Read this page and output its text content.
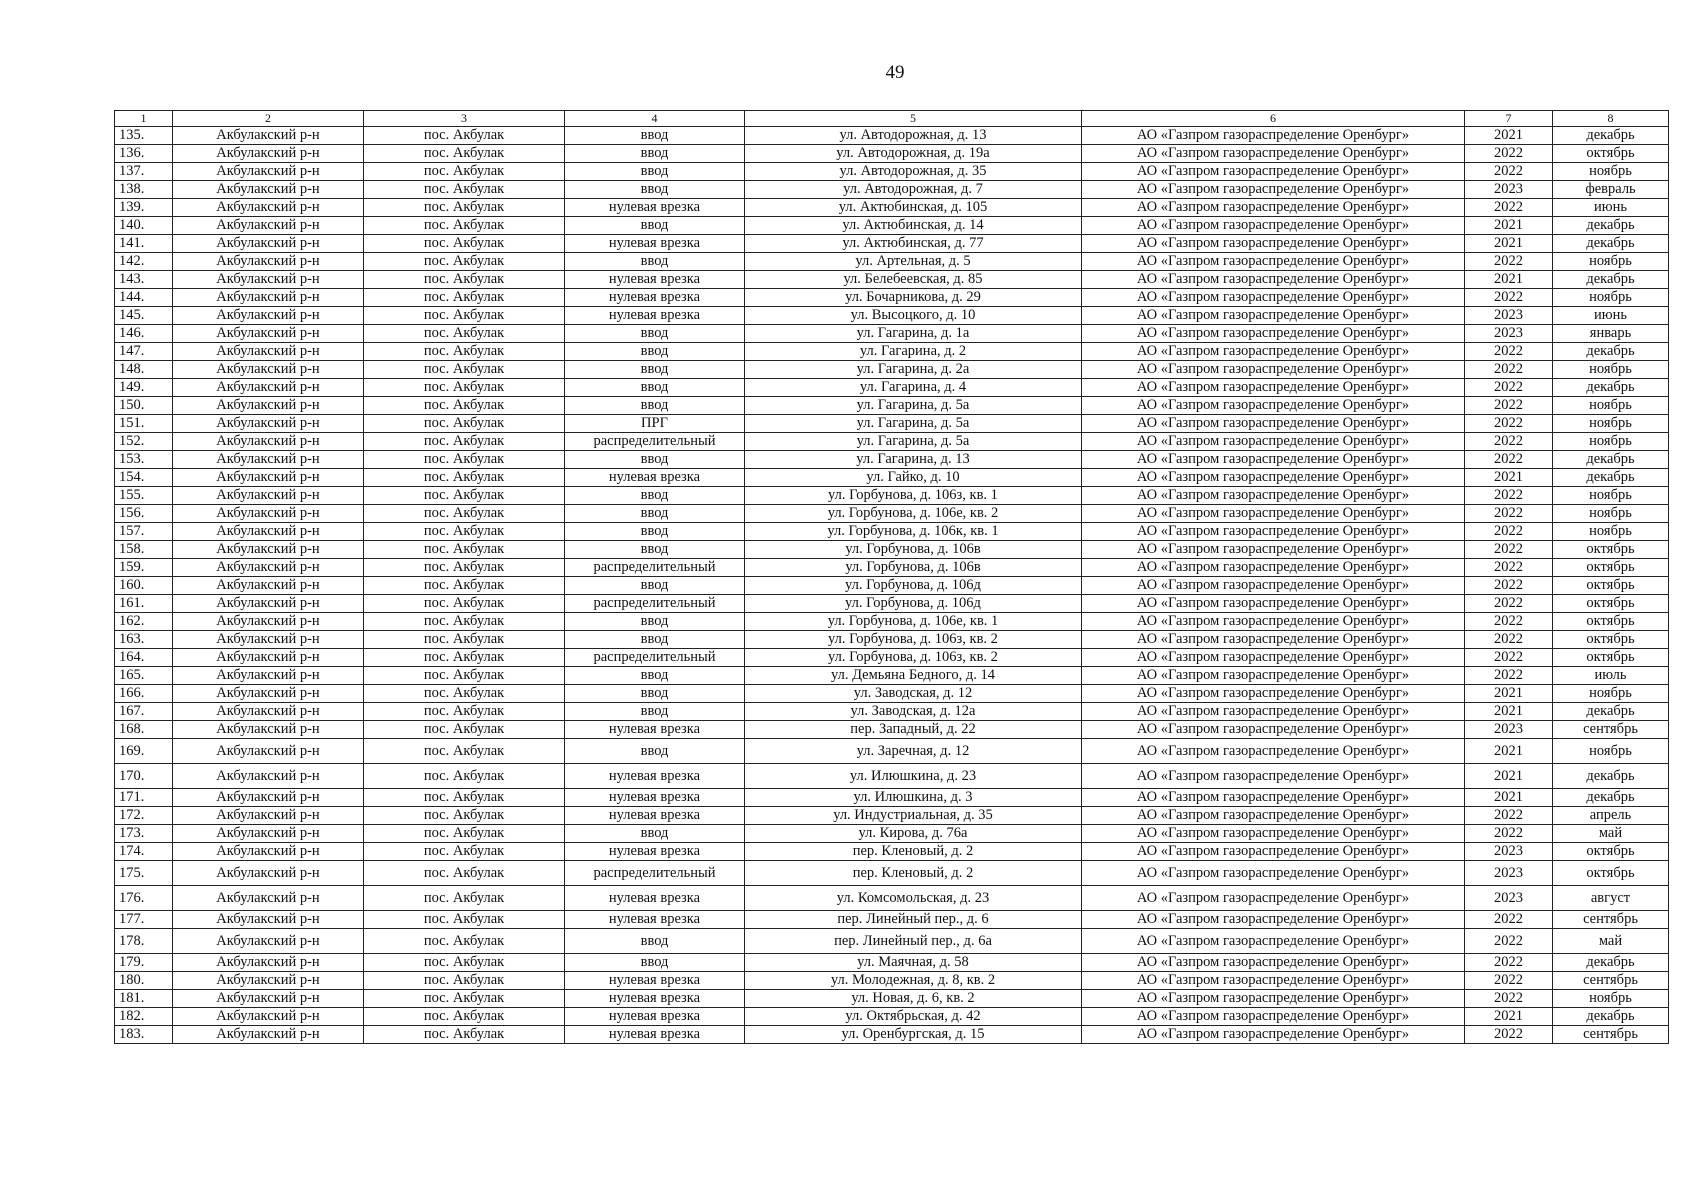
49
1	2	3	4	5	6	7	8
135.	Акбулакский р-н	пос. Акбулак	ввод	ул. Автодорожная, д. 13	АО «Газпром газораспределение Оренбург»	2021	декабрь
136.	Акбулакский р-н	пос. Акбулак	ввод	ул. Автодорожная, д. 19а	АО «Газпром газораспределение Оренбург»	2022	октябрь
137.	Акбулакский р-н	пос. Акбулак	ввод	ул. Автодорожная, д. 35	АО «Газпром газораспределение Оренбург»	2022	ноябрь
138.	Акбулакский р-н	пос. Акбулак	ввод	ул. Автодорожная, д. 7	АО «Газпром газораспределение Оренбург»	2023	февраль
139.	Акбулакский р-н	пос. Акбулак	нулевая врезка	ул. Актюбинская, д. 105	АО «Газпром газораспределение Оренбург»	2022	июнь
140.	Акбулакский р-н	пос. Акбулак	ввод	ул. Актюбинская, д. 14	АО «Газпром газораспределение Оренбург»	2021	декабрь
141.	Акбулакский р-н	пос. Акбулак	нулевая врезка	ул. Актюбинская, д. 77	АО «Газпром газораспределение Оренбург»	2021	декабрь
142.	Акбулакский р-н	пос. Акбулак	ввод	ул. Артельная, д. 5	АО «Газпром газораспределение Оренбург»	2022	ноябрь
143.	Акбулакский р-н	пос. Акбулак	нулевая врезка	ул. Белебеевская, д. 85	АО «Газпром газораспределение Оренбург»	2021	декабрь
144.	Акбулакский р-н	пос. Акбулак	нулевая врезка	ул. Бочарникова, д. 29	АО «Газпром газораспределение Оренбург»	2022	ноябрь
145.	Акбулакский р-н	пос. Акбулак	нулевая врезка	ул. Высоцкого, д. 10	АО «Газпром газораспределение Оренбург»	2023	июнь
146.	Акбулакский р-н	пос. Акбулак	ввод	ул. Гагарина, д. 1а	АО «Газпром газораспределение Оренбург»	2023	январь
147.	Акбулакский р-н	пос. Акбулак	ввод	ул. Гагарина, д. 2	АО «Газпром газораспределение Оренбург»	2022	декабрь
148.	Акбулакский р-н	пос. Акбулак	ввод	ул. Гагарина, д. 2а	АО «Газпром газораспределение Оренбург»	2022	ноябрь
149.	Акбулакский р-н	пос. Акбулак	ввод	ул. Гагарина, д. 4	АО «Газпром газораспределение Оренбург»	2022	декабрь
150.	Акбулакский р-н	пос. Акбулак	ввод	ул. Гагарина, д. 5а	АО «Газпром газораспределение Оренбург»	2022	ноябрь
151.	Акбулакский р-н	пос. Акбулак	ПРГ	ул. Гагарина, д. 5а	АО «Газпром газораспределение Оренбург»	2022	ноябрь
152.	Акбулакский р-н	пос. Акбулак	распределительный	ул. Гагарина, д. 5а	АО «Газпром газораспределение Оренбург»	2022	ноябрь
153.	Акбулакский р-н	пос. Акбулак	ввод	ул. Гагарина, д. 13	АО «Газпром газораспределение Оренбург»	2022	декабрь
154.	Акбулакский р-н	пос. Акбулак	нулевая врезка	ул. Гайко, д. 10	АО «Газпром газораспределение Оренбург»	2021	декабрь
155.	Акбулакский р-н	пос. Акбулак	ввод	ул. Горбунова, д. 106з, кв. 1	АО «Газпром газораспределение Оренбург»	2022	ноябрь
156.	Акбулакский р-н	пос. Акбулак	ввод	ул. Горбунова, д. 106е, кв. 2	АО «Газпром газораспределение Оренбург»	2022	ноябрь
157.	Акбулакский р-н	пос. Акбулак	ввод	ул. Горбунова, д. 106к, кв. 1	АО «Газпром газораспределение Оренбург»	2022	ноябрь
158.	Акбулакский р-н	пос. Акбулак	ввод	ул. Горбунова, д. 106в	АО «Газпром газораспределение Оренбург»	2022	октябрь
159.	Акбулакский р-н	пос. Акбулак	распределительный	ул. Горбунова, д. 106в	АО «Газпром газораспределение Оренбург»	2022	октябрь
160.	Акбулакский р-н	пос. Акбулак	ввод	ул. Горбунова, д. 106д	АО «Газпром газораспределение Оренбург»	2022	октябрь
161.	Акбулакский р-н	пос. Акбулак	распределительный	ул. Горбунова, д. 106д	АО «Газпром газораспределение Оренбург»	2022	октябрь
162.	Акбулакский р-н	пос. Акбулак	ввод	ул. Горбунова, д. 106е, кв. 1	АО «Газпром газораспределение Оренбург»	2022	октябрь
163.	Акбулакский р-н	пос. Акбулак	ввод	ул. Горбунова, д. 106з, кв. 2	АО «Газпром газораспределение Оренбург»	2022	октябрь
164.	Акбулакский р-н	пос. Акбулак	распределительный	ул. Горбунова, д. 106з, кв. 2	АО «Газпром газораспределение Оренбург»	2022	октябрь
165.	Акбулакский р-н	пос. Акбулак	ввод	ул. Демьяна Бедного, д. 14	АО «Газпром газораспределение Оренбург»	2022	июль
166.	Акбулакский р-н	пос. Акбулак	ввод	ул. Заводская, д. 12	АО «Газпром газораспределение Оренбург»	2021	ноябрь
167.	Акбулакский р-н	пос. Акбулак	ввод	ул. Заводская, д. 12а	АО «Газпром газораспределение Оренбург»	2021	декабрь
168.	Акбулакский р-н	пос. Акбулак	нулевая врезка	пер. Западный, д. 22	АО «Газпром газораспределение Оренбург»	2023	сентябрь
169.	Акбулакский р-н	пос. Акбулак	ввод	ул. Заречная, д. 12	АО «Газпром газораспределение Оренбург»	2021	ноябрь
170.	Акбулакский р-н	пос. Акбулак	нулевая врезка	ул. Илюшкина, д. 23	АО «Газпром газораспределение Оренбург»	2021	декабрь
171.	Акбулакский р-н	пос. Акбулак	нулевая врезка	ул. Илюшкина, д. 3	АО «Газпром газораспределение Оренбург»	2021	декабрь
172.	Акбулакский р-н	пос. Акбулак	нулевая врезка	ул. Индустриальная, д. 35	АО «Газпром газораспределение Оренбург»	2022	апрель
173.	Акбулакский р-н	пос. Акбулак	ввод	ул. Кирова, д. 76а	АО «Газпром газораспределение Оренбург»	2022	май
174.	Акбулакский р-н	пос. Акбулак	нулевая врезка	пер. Кленовый, д. 2	АО «Газпром газораспределение Оренбург»	2023	октябрь
175.	Акбулакский р-н	пос. Акбулак	распределительный	пер. Кленовый, д. 2	АО «Газпром газораспределение Оренбург»	2023	октябрь
176.	Акбулакский р-н	пос. Акбулак	нулевая врезка	ул. Комсомольская, д. 23	АО «Газпром газораспределение Оренбург»	2023	август
177.	Акбулакский р-н	пос. Акбулак	нулевая врезка	пер. Линейный пер., д. 6	АО «Газпром газораспределение Оренбург»	2022	сентябрь
178.	Акбулакский р-н	пос. Акбулак	ввод	пер. Линейный пер., д. 6а	АО «Газпром газораспределение Оренбург»	2022	май
179.	Акбулакский р-н	пос. Акбулак	ввод	ул. Маячная, д. 58	АО «Газпром газораспределение Оренбург»	2022	декабрь
180.	Акбулакский р-н	пос. Акбулак	нулевая врезка	ул. Молодежная, д. 8, кв. 2	АО «Газпром газораспределение Оренбург»	2022	сентябрь
181.	Акбулакский р-н	пос. Акбулак	нулевая врезка	ул. Новая, д. 6, кв. 2	АО «Газпром газораспределение Оренбург»	2022	ноябрь
182.	Акбулакский р-н	пос. Акбулак	нулевая врезка	ул. Октябрьская, д. 42	АО «Газпром газораспределение Оренбург»	2021	декабрь
183.	Акбулакский р-н	пос. Акбулак	нулевая врезка	ул. Оренбургская, д. 15	АО «Газпром газораспределение Оренбург»	2022	сентябрь
